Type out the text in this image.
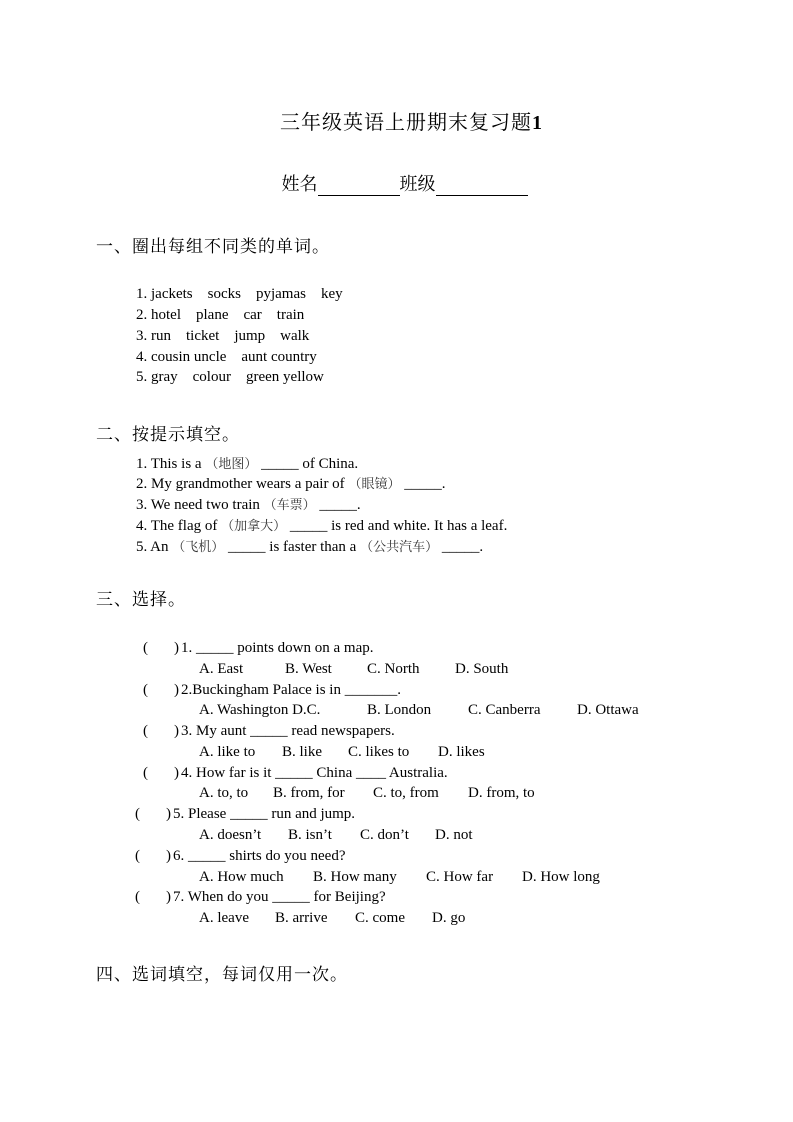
三年级英语上册期末复习题1
姓名	班级
一、圈出每组不同类的单词。
1. jackets    socks    pyjamas    key
2. hotel    plane    car    train
3. run    ticket    jump    walk
4. cousin uncle    aunt country
5. gray    colour    green yellow
二、按提示填空。
1. This is a （地图） _____ of China.
2. My grandmother wears a pair of （眼镜） _____.
3. We need two train （车票） _____.
4. The flag of （加拿大） _____ is red and white. It has a leaf.
5. An （飞机） _____ is faster than a （公共汽车） _____.
三、选择。
( ) 1. _____ points down on a map.
A. East	B. West C. North D. South
( ) 2.Buckingham Palace is in _______.
A. Washington D.C.	B. London C. Canberra D. Ottawa
( ) 3. My aunt _____ read newspapers.
A. like to B. like C. likes to D. likes
( ) 4. How far is it _____ China ____ Australia.
A. to, to B. from, for C. to, from D. from, to
( ) 5. Please _____ run and jump.
A. doesn’t B. isn’t C. don’t D. not
( ) 6. _____ shirts do you need?
A. How much B. How many C. How far D. How long
( ) 7. When do you _____ for Beijing?
A. leave B. arrive C. come D. go
四、选词填空，每词仅用一次。
